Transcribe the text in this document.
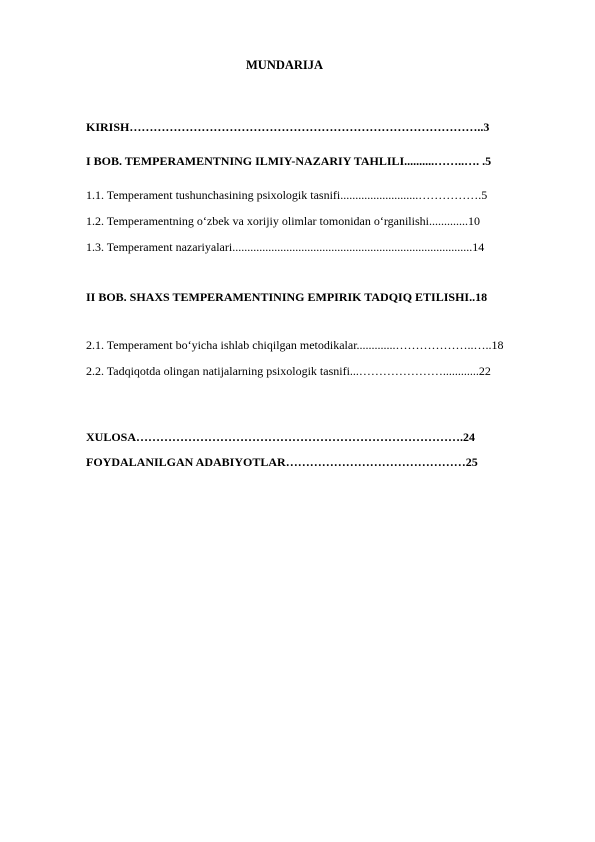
MUNDARIJA
KIRISH……………………………………………………………………………..3
I BOB. TEMPERAMENTNING ILMIY-NAZARIY TAHLILI..........……..…. .5
1.1. Temperament tushunchasining psixologik tasnifi..........................…………….5
1.2. Temperamentning o‘zbek va xorijiy olimlar tomonidan o‘rganilishi.............10
1.3. Temperament nazariyalari................................................................................14
II BOB. SHAXS TEMPERAMENTINING EMPIRIK TADQIQ ETILISHI..18
2.1. Temperament bo‘yicha ishlab chiqilgan metodikalar.............………………..…..18
2.2. Tadqiqotda olingan natijalarning psixologik tasnifi...…………………............22
XULOSA……………………………………………………………………….24
FOYDALANILGAN ADABIYOTLAR………………………………………25
